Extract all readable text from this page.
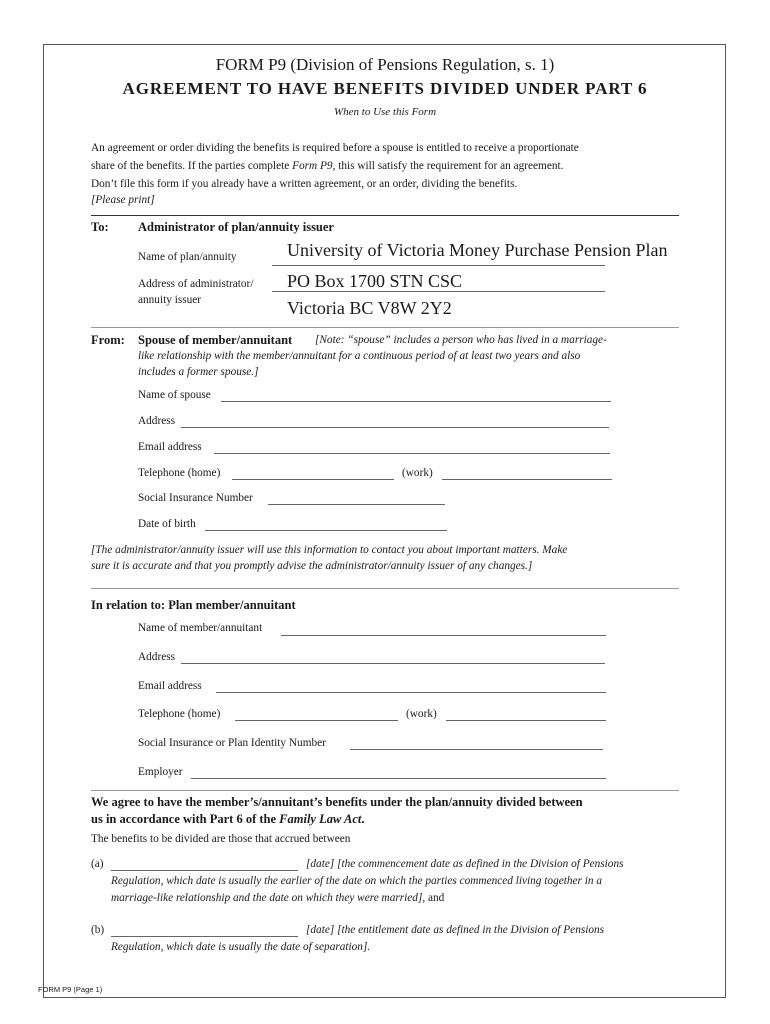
FORM P9 (Division of Pensions Regulation, s. 1)
AGREEMENT TO HAVE BENEFITS DIVIDED UNDER PART 6
When to Use this Form
An agreement or order dividing the benefits is required before a spouse is entitled to receive a proportionate
share of the benefits. If the parties complete Form P9, this will satisfy the requirement for an agreement.
Don’t file this form if you already have a written agreement, or an order, dividing the benefits.
[Please print]
To: Administrator of plan/annuity issuer
Name of plan/annuity	University of Victoria Money Purchase Pension Plan
Address of administrator/
annuity issuer
PO Box 1700 STN CSC
Victoria BC V8W 2Y2
From: Spouse of member/annuitant [Note: “spouse” includes a person who has lived in a marriage-
like relationship with the member/annuitant for a continuous period of at least two years and also
includes a former spouse.]
Name of spouse
Address
Email address
Telephone (home)	(work)
Social Insurance Number
Date of birth
[The administrator/annuity issuer will use this information to contact you about important matters. Make
sure it is accurate and that you promptly advise the administrator/annuity issuer of any changes.]
In relation to: Plan member/annuitant
Name of member/annuitant
Address
Email address
Telephone (home)	(work)
Social Insurance or Plan Identity Number
Employer
We agree to have the member’s/annuitant’s benefits under the plan/annuity divided between
us in accordance with Part 6 of the Family Law Act.
The benefits to be divided are those that accrued between
(a)	[date] [the commencement date as defined in the Division of Pensions
Regulation, which date is usually the earlier of the date on which the parties commenced living together in a
marriage-like relationship and the date on which they were married], and
(b)	[date] [the entitlement date as defined in the Division of Pensions
Regulation, which date is usually the date of separation].
FORM P9 (Page 1)
